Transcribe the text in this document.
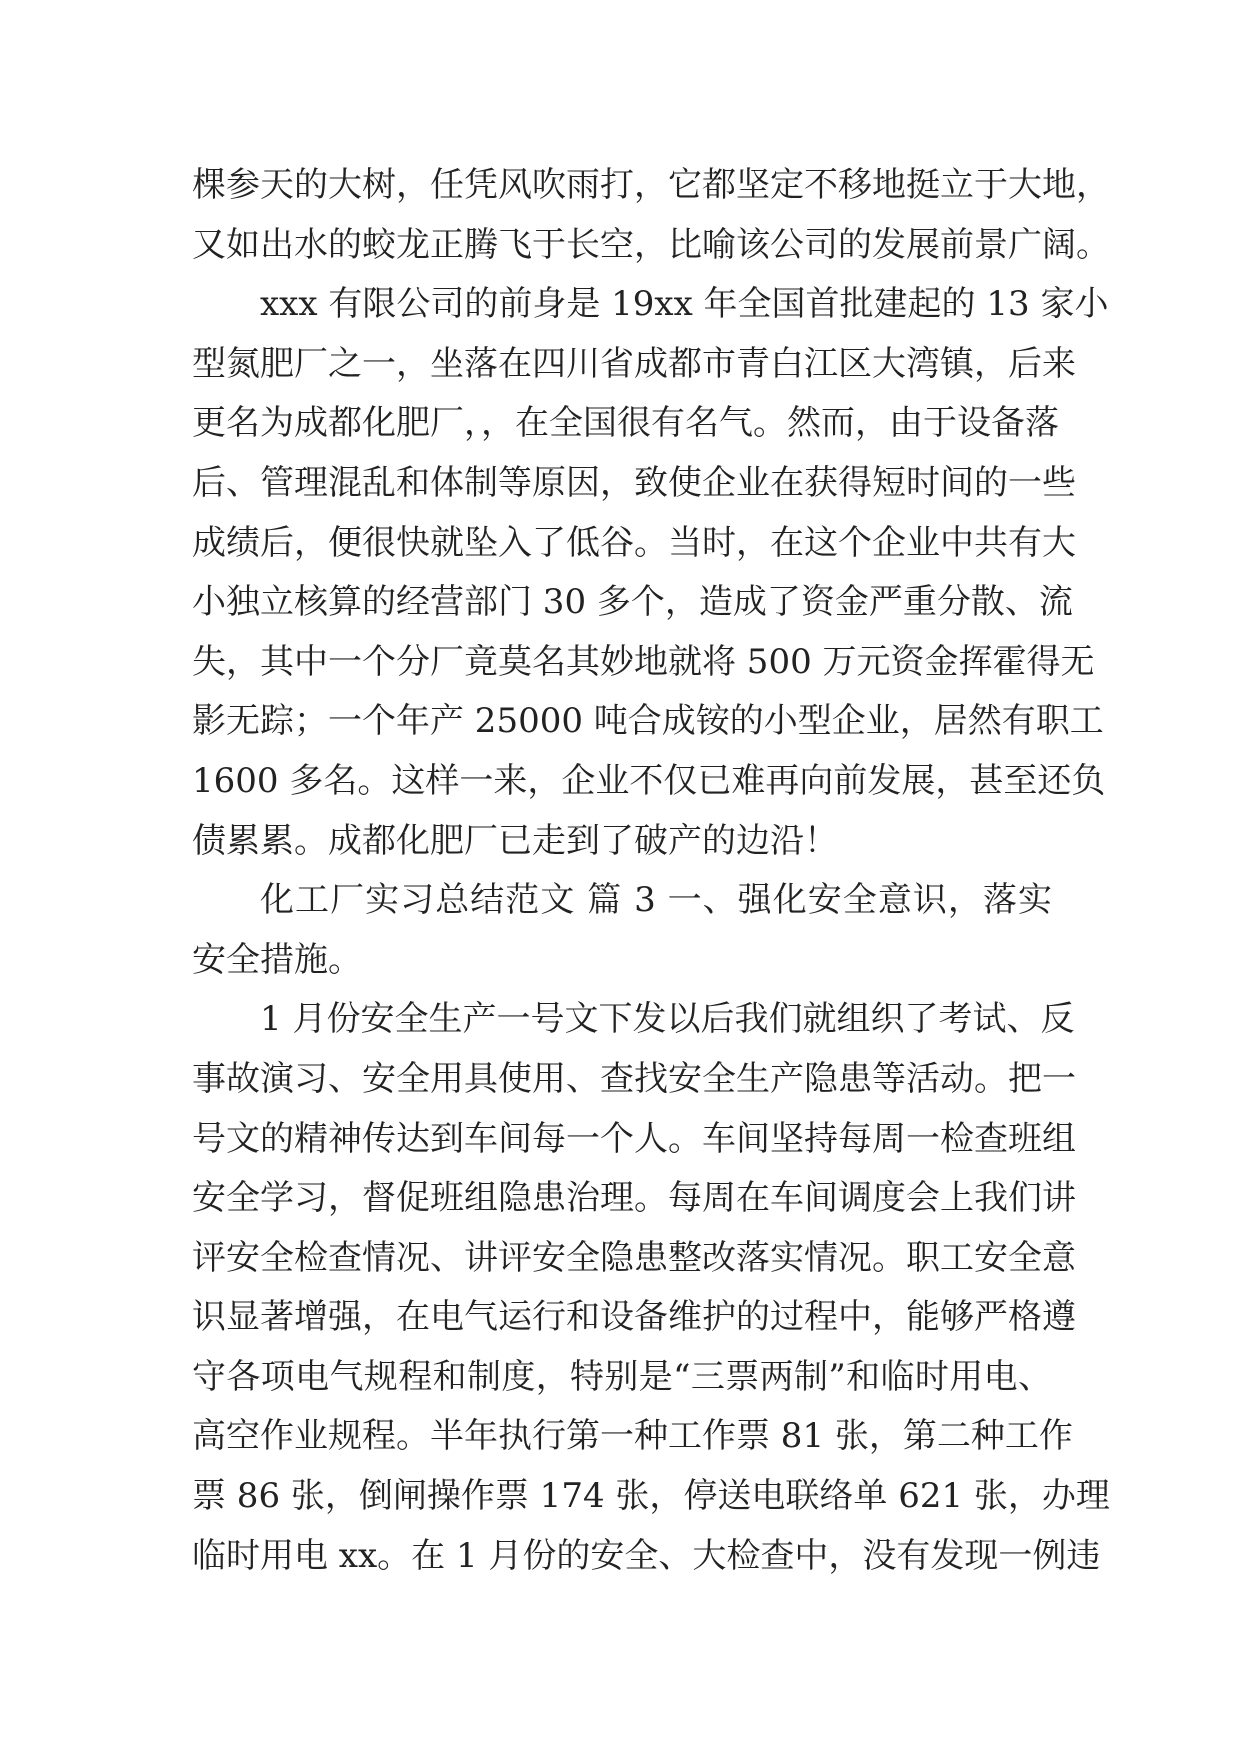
棵参天的大树，任凭风吹雨打，它都坚定不移地挺立于大地，
又如出水的蛟龙正腾飞于长空，比喻该公司的发展前景广阔。
xxx 有限公司的前身是 19xx 年全国首批建起的 13 家小
型氮肥厂之一，坐落在四川省成都市青白江区大湾镇，后来
更名为成都化肥厂，，在全国很有名气。然而，由于设备落
后、管理混乱和体制等原因，致使企业在获得短时间的一些
成绩后，便很快就坠入了低谷。当时，在这个企业中共有大
小独立核算的经营部门 30 多个，造成了资金严重分散、流
失，其中一个分厂竟莫名其妙地就将 500 万元资金挥霍得无
影无踪；一个年产 25000 吨合成铵的小型企业，居然有职工
1600 多名。这样一来，企业不仅已难再向前发展，甚至还负
债累累。成都化肥厂已走到了破产的边沿！
化工厂实习总结范文 篇 3 一、强化安全意识，落实
安全措施。
1 月份安全生产一号文下发以后我们就组织了考试、反
事故演习、安全用具使用、查找安全生产隐患等活动。把一
号文的精神传达到车间每一个人。车间坚持每周一检查班组
安全学习，督促班组隐患治理。每周在车间调度会上我们讲
评安全检查情况、讲评安全隐患整改落实情况。职工安全意
识显著增强，在电气运行和设备维护的过程中，能够严格遵
守各项电气规程和制度，特别是“三票两制”和临时用电、
高空作业规程。半年执行第一种工作票 81 张，第二种工作
票 86 张，倒闸操作票 174 张，停送电联络单 621 张，办理
临时用电 xx。在 1 月份的安全、大检查中，没有发现一例违
